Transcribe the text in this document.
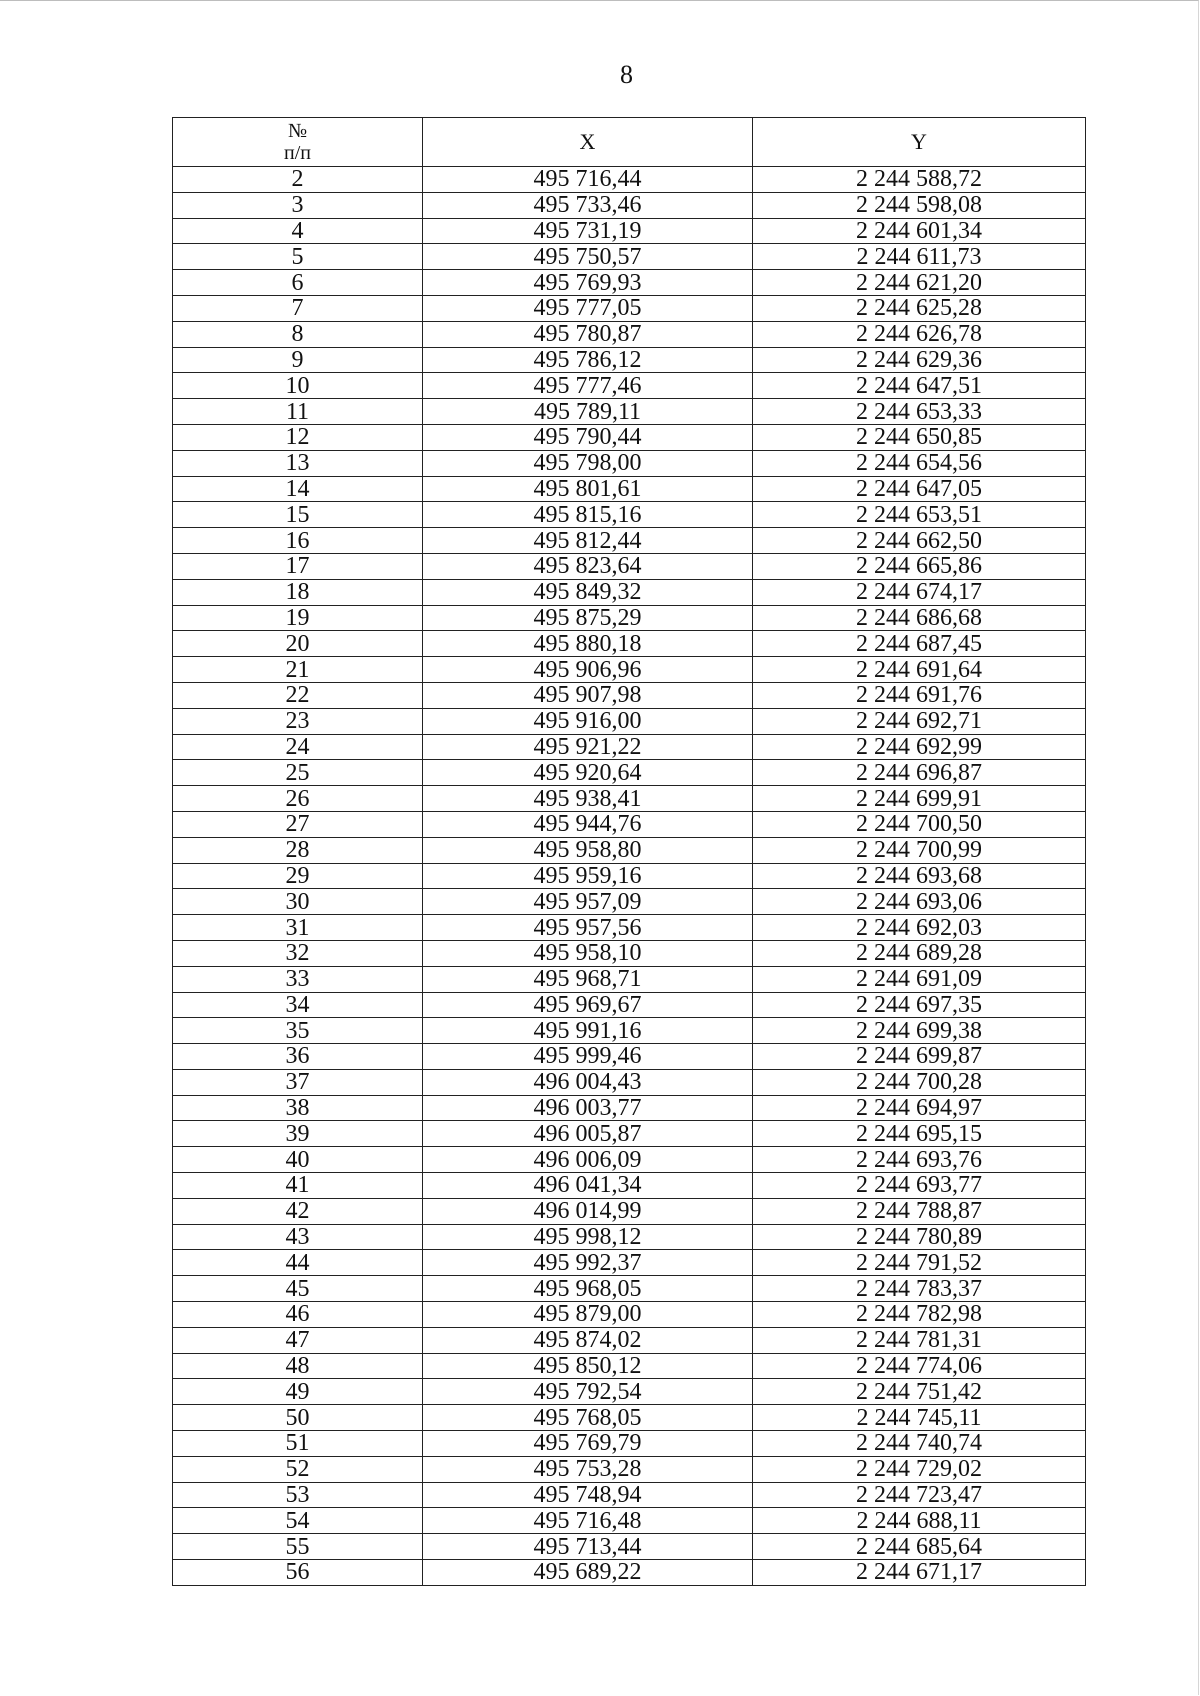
8
№
п/п	X	Y
2	495 716,44	2 244 588,72
3	495 733,46	2 244 598,08
4	495 731,19	2 244 601,34
5	495 750,57	2 244 611,73
6	495 769,93	2 244 621,20
7	495 777,05	2 244 625,28
8	495 780,87	2 244 626,78
9	495 786,12	2 244 629,36
10	495 777,46	2 244 647,51
11	495 789,11	2 244 653,33
12	495 790,44	2 244 650,85
13	495 798,00	2 244 654,56
14	495 801,61	2 244 647,05
15	495 815,16	2 244 653,51
16	495 812,44	2 244 662,50
17	495 823,64	2 244 665,86
18	495 849,32	2 244 674,17
19	495 875,29	2 244 686,68
20	495 880,18	2 244 687,45
21	495 906,96	2 244 691,64
22	495 907,98	2 244 691,76
23	495 916,00	2 244 692,71
24	495 921,22	2 244 692,99
25	495 920,64	2 244 696,87
26	495 938,41	2 244 699,91
27	495 944,76	2 244 700,50
28	495 958,80	2 244 700,99
29	495 959,16	2 244 693,68
30	495 957,09	2 244 693,06
31	495 957,56	2 244 692,03
32	495 958,10	2 244 689,28
33	495 968,71	2 244 691,09
34	495 969,67	2 244 697,35
35	495 991,16	2 244 699,38
36	495 999,46	2 244 699,87
37	496 004,43	2 244 700,28
38	496 003,77	2 244 694,97
39	496 005,87	2 244 695,15
40	496 006,09	2 244 693,76
41	496 041,34	2 244 693,77
42	496 014,99	2 244 788,87
43	495 998,12	2 244 780,89
44	495 992,37	2 244 791,52
45	495 968,05	2 244 783,37
46	495 879,00	2 244 782,98
47	495 874,02	2 244 781,31
48	495 850,12	2 244 774,06
49	495 792,54	2 244 751,42
50	495 768,05	2 244 745,11
51	495 769,79	2 244 740,74
52	495 753,28	2 244 729,02
53	495 748,94	2 244 723,47
54	495 716,48	2 244 688,11
55	495 713,44	2 244 685,64
56	495 689,22	2 244 671,17
